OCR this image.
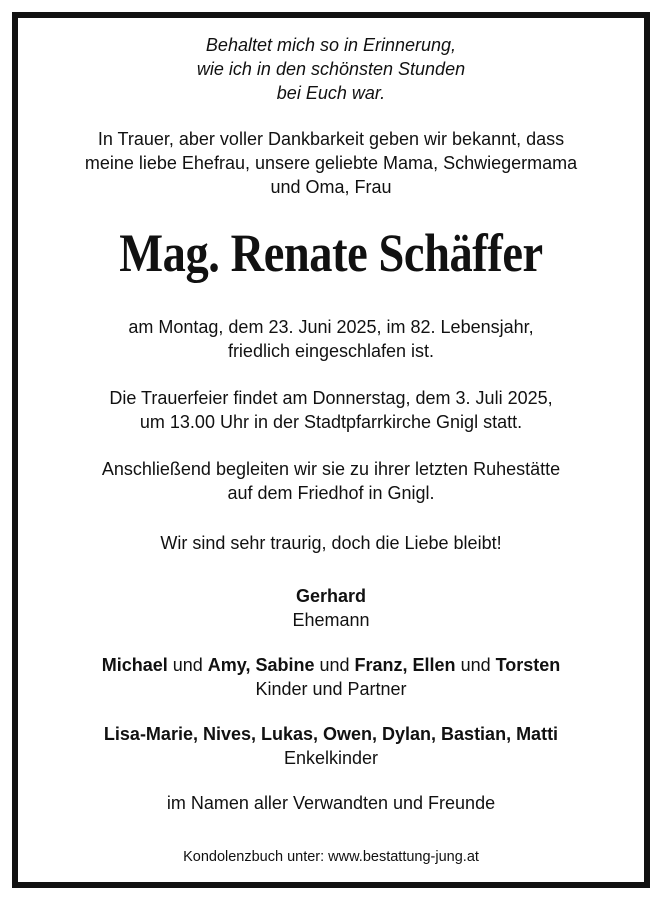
Behaltet mich so in Erinnerung,
wie ich in den schönsten Stunden
bei Euch war.
In Trauer, aber voller Dankbarkeit geben wir bekannt, dass
meine liebe Ehefrau, unsere geliebte Mama, Schwiegermama
und Oma, Frau
Mag. Renate Schäffer
am Montag, dem 23. Juni 2025, im 82. Lebensjahr,
friedlich eingeschlafen ist.
Die Trauerfeier findet am Donnerstag, dem 3. Juli 2025,
um 13.00 Uhr in der Stadtpfarrkirche Gnigl statt.
Anschließend begleiten wir sie zu ihrer letzten Ruhestätte
auf dem Friedhof in Gnigl.
Wir sind sehr traurig, doch die Liebe bleibt!
Gerhard
Ehemann
Michael und Amy, Sabine und Franz, Ellen und Torsten
Kinder und Partner
Lisa-Marie, Nives, Lukas, Owen, Dylan, Bastian, Matti
Enkelkinder
im Namen aller Verwandten und Freunde
Kondolenzbuch unter: www.bestattung-jung.at
